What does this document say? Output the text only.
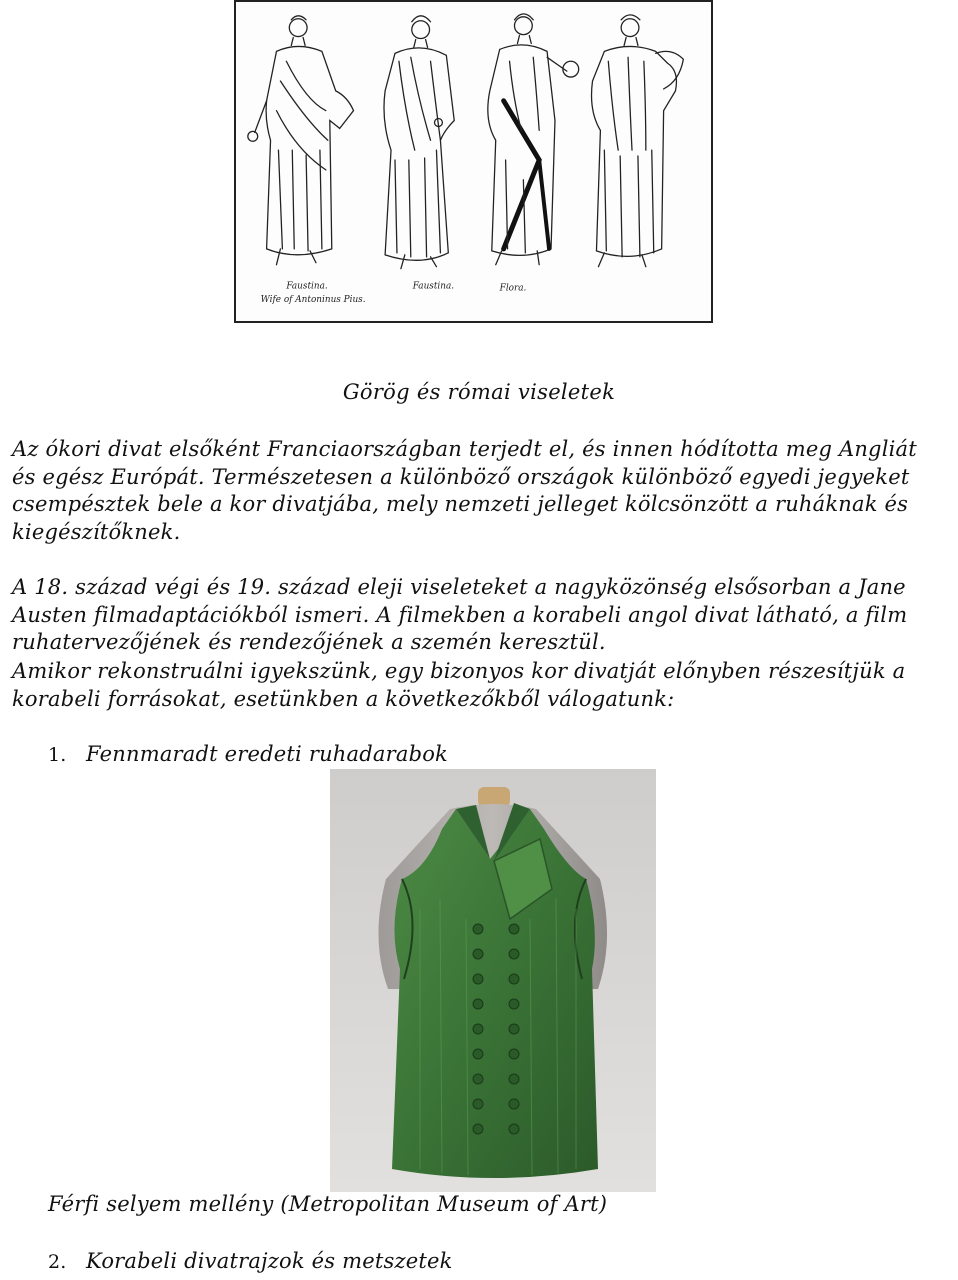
Faustina.
Wife of Antoninus Pius.
Faustina.	Flora.
Görög és római viseletek
Az ókori divat elsőként Franciaországban terjedt el, és innen hódította meg Angliát és egész Európát. Természetesen a különböző országok különböző egyedi jegyeket csempésztek bele a kor divatjába, mely nemzeti jelleget kölcsönzött a ruháknak és kiegészítőknek.
A 18. század végi és 19. század eleji viseleteket a nagyközönség elsősorban a Jane Austen filmadaptációkból ismeri. A filmekben a korabeli angol divat látható, a film ruhatervezőjének és rendezőjének a szemén keresztül.
Amikor rekonstruálni igyekszünk, egy bizonyos kor divatját előnyben részesítjük a korabeli forrásokat, esetünkben a következőkből válogatunk:
1. Fennmaradt eredeti ruhadarabok
Férfi selyem mellény (Metropolitan Museum of Art)
2. Korabeli divatrajzok és metszetek
